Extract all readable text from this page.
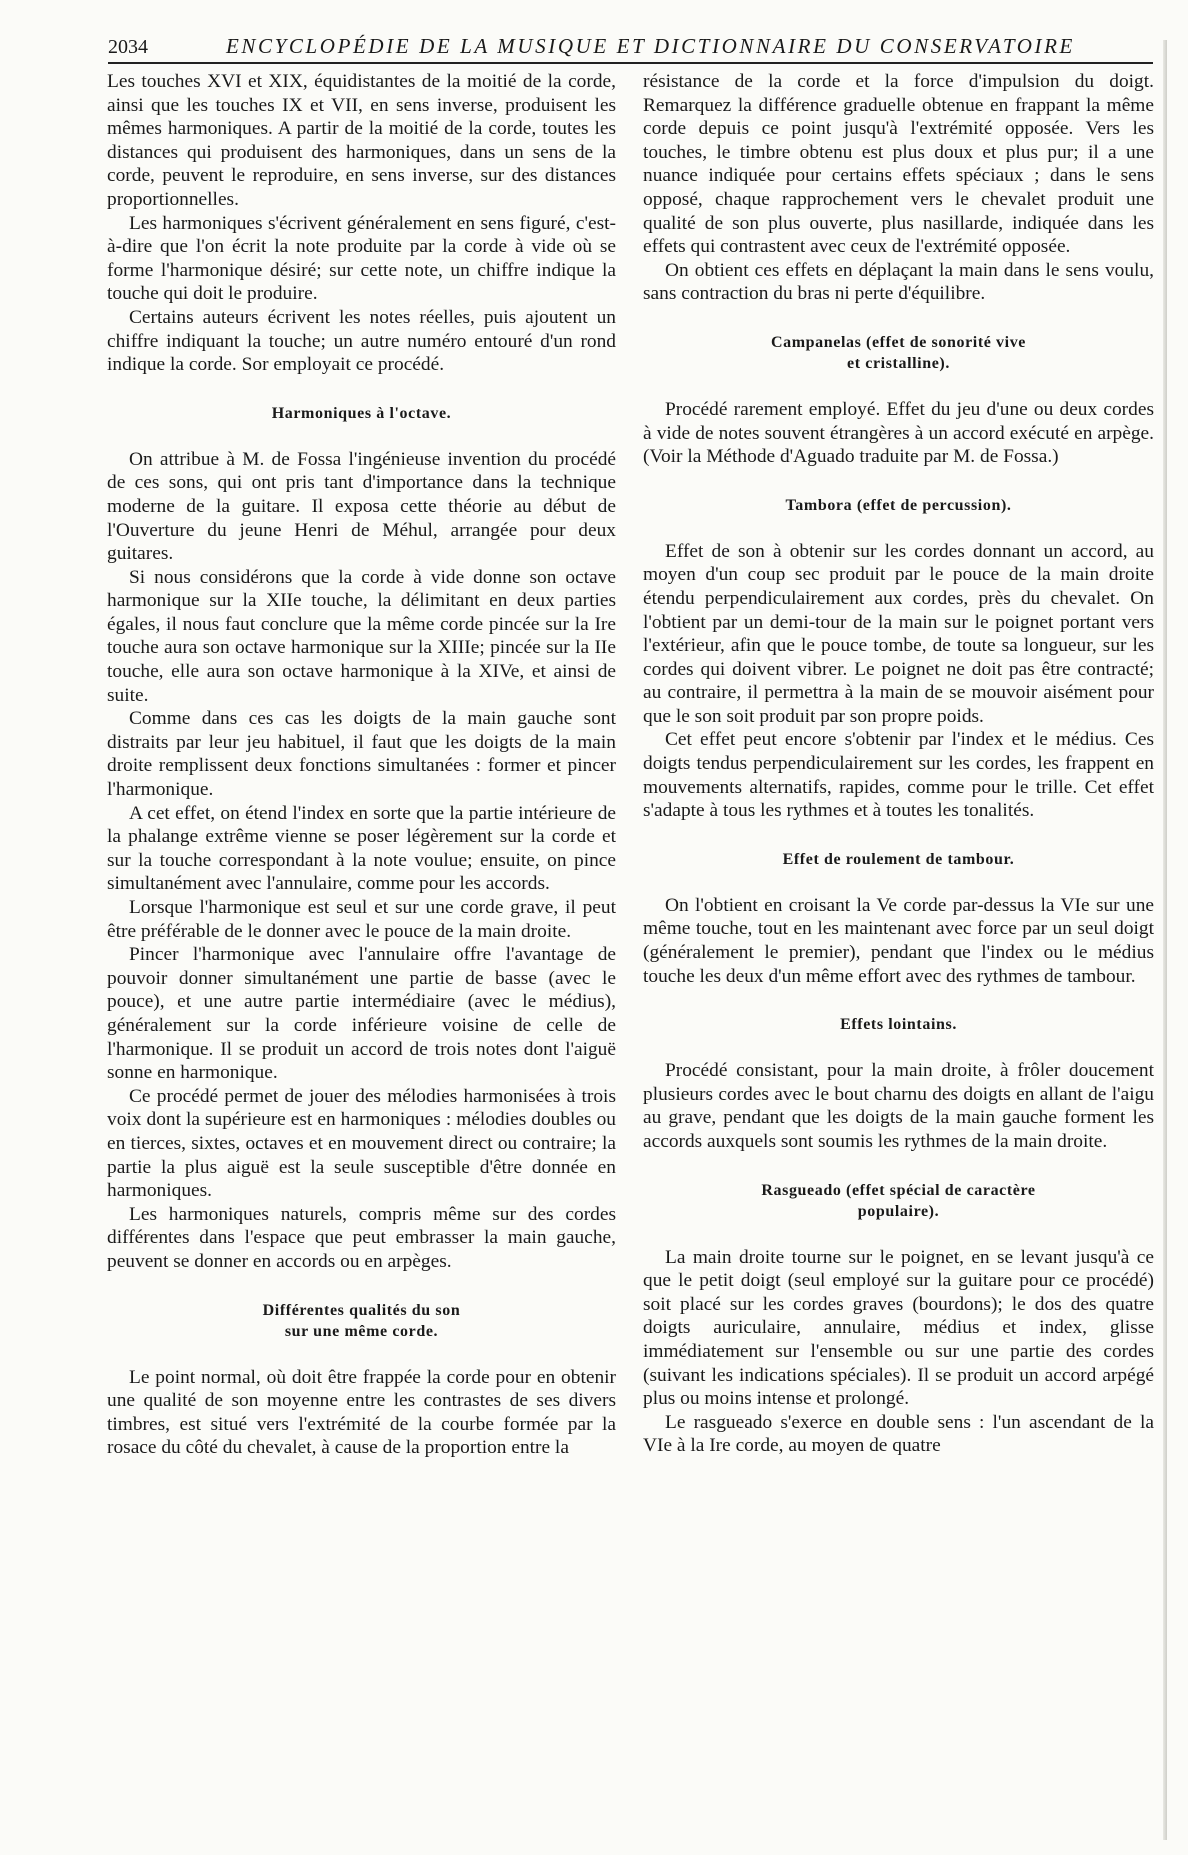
2034	ENCYCLOPÉDIE DE LA MUSIQUE ET DICTIONNAIRE DU CONSERVATOIRE

Les touches XVI et XIX, équidistantes de la moitié de la corde, ainsi que les touches IX et VII, en sens inverse, produisent les mêmes harmoniques. A partir de la moitié de la corde, toutes les distances qui produisent des harmoniques, dans un sens de la corde, peuvent le reproduire, en sens inverse, sur des distances proportionnelles.

Les harmoniques s'écrivent généralement en sens figuré, c'est-à-dire que l'on écrit la note produite par la corde à vide où se forme l'harmonique désiré; sur cette note, un chiffre indique la touche qui doit le produire.

Certains auteurs écrivent les notes réelles, puis ajoutent un chiffre indiquant la touche; un autre numéro entouré d'un rond indique la corde. Sor employait ce procédé.

Harmoniques à l'octave.

On attribue à M. de Fossa l'ingénieuse invention du procédé de ces sons, qui ont pris tant d'importance dans la technique moderne de la guitare. Il exposa cette théorie au début de l'Ouverture du jeune Henri de Méhul, arrangée pour deux guitares.

Si nous considérons que la corde à vide donne son octave harmonique sur la XIIe touche, la délimitant en deux parties égales, il nous faut conclure que la même corde pincée sur la Ire touche aura son octave harmonique sur la XIIIe; pincée sur la IIe touche, elle aura son octave harmonique à la XIVe, et ainsi de suite.

Comme dans ces cas les doigts de la main gauche sont distraits par leur jeu habituel, il faut que les doigts de la main droite remplissent deux fonctions simultanées : former et pincer l'harmonique.

A cet effet, on étend l'index en sorte que la partie intérieure de la phalange extrême vienne se poser légèrement sur la corde et sur la touche correspondant à la note voulue; ensuite, on pince simultanément avec l'annulaire, comme pour les accords.

Lorsque l'harmonique est seul et sur une corde grave, il peut être préférable de le donner avec le pouce de la main droite.

Pincer l'harmonique avec l'annulaire offre l'avantage de pouvoir donner simultanément une partie de basse (avec le pouce), et une autre partie intermédiaire (avec le médius), généralement sur la corde inférieure voisine de celle de l'harmonique. Il se produit un accord de trois notes dont l'aiguë sonne en harmonique.

Ce procédé permet de jouer des mélodies harmonisées à trois voix dont la supérieure est en harmoniques : mélodies doubles ou en tierces, sixtes, octaves et en mouvement direct ou contraire; la partie la plus aiguë est la seule susceptible d'être donnée en harmoniques.

Les harmoniques naturels, compris même sur des cordes différentes dans l'espace que peut embrasser la main gauche, peuvent se donner en accords ou en arpèges.

Différentes qualités du son
sur une même corde.

Le point normal, où doit être frappée la corde pour en obtenir une qualité de son moyenne entre les contrastes de ses divers timbres, est situé vers l'extrémité de la courbe formée par la rosace du côté du chevalet, à cause de la proportion entre la

résistance de la corde et la force d'impulsion du doigt. Remarquez la différence graduelle obtenue en frappant la même corde depuis ce point jusqu'à l'extrémité opposée. Vers les touches, le timbre obtenu est plus doux et plus pur; il a une nuance indiquée pour certains effets spéciaux ; dans le sens opposé, chaque rapprochement vers le chevalet produit une qualité de son plus ouverte, plus nasillarde, indiquée dans les effets qui contrastent avec ceux de l'extrémité opposée.

On obtient ces effets en déplaçant la main dans le sens voulu, sans contraction du bras ni perte d'équilibre.

Campanelas (effet de sonorité vive
et cristalline).

Procédé rarement employé. Effet du jeu d'une ou deux cordes à vide de notes souvent étrangères à un accord exécuté en arpège. (Voir la Méthode d'Aguado traduite par M. de Fossa.)

Tambora (effet de percussion).

Effet de son à obtenir sur les cordes donnant un accord, au moyen d'un coup sec produit par le pouce de la main droite étendu perpendiculairement aux cordes, près du chevalet. On l'obtient par un demi-tour de la main sur le poignet portant vers l'extérieur, afin que le pouce tombe, de toute sa longueur, sur les cordes qui doivent vibrer. Le poignet ne doit pas être contracté; au contraire, il permettra à la main de se mouvoir aisément pour que le son soit produit par son propre poids.

Cet effet peut encore s'obtenir par l'index et le médius. Ces doigts tendus perpendiculairement sur les cordes, les frappent en mouvements alternatifs, rapides, comme pour le trille. Cet effet s'adapte à tous les rythmes et à toutes les tonalités.

Effet de roulement de tambour.

On l'obtient en croisant la Ve corde par-dessus la VIe sur une même touche, tout en les maintenant avec force par un seul doigt (généralement le premier), pendant que l'index ou le médius touche les deux d'un même effort avec des rythmes de tambour.

Effets lointains.

Procédé consistant, pour la main droite, à frôler doucement plusieurs cordes avec le bout charnu des doigts en allant de l'aigu au grave, pendant que les doigts de la main gauche forment les accords auxquels sont soumis les rythmes de la main droite.

Rasgueado (effet spécial de caractère
populaire).

La main droite tourne sur le poignet, en se levant jusqu'à ce que le petit doigt (seul employé sur la guitare pour ce procédé) soit placé sur les cordes graves (bourdons); le dos des quatre doigts auriculaire, annulaire, médius et index, glisse immédiatement sur l'ensemble ou sur une partie des cordes (suivant les indications spéciales). Il se produit un accord arpégé plus ou moins intense et prolongé.

Le rasgueado s'exerce en double sens : l'un ascendant de la VIe à la Ire corde, au moyen de quatre
